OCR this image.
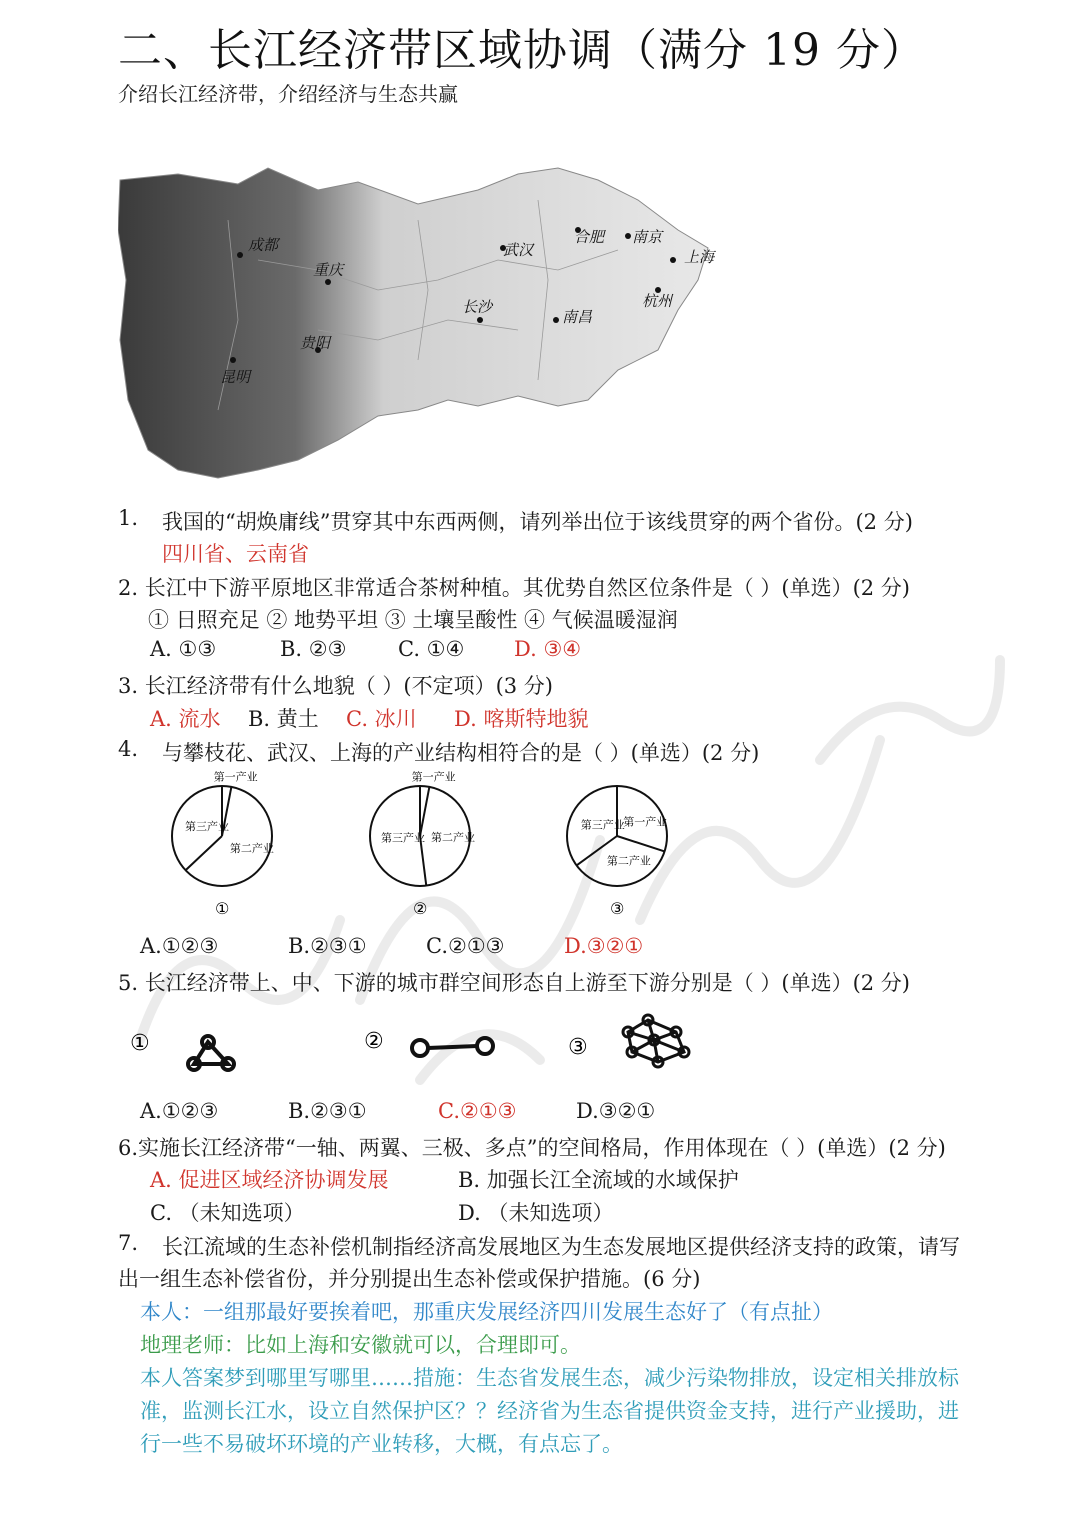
二、长江经济带区域协调（满分 19 分）
介绍长江经济带，介绍经济与生态共赢
成都
重庆
武汉
合肥 南京
上海
长沙
南昌
杭州
昆明
贵阳
1. 我国的“胡焕庸线”贯穿其中东西两侧，请列举出位于该线贯穿的两个省份。(2 分)
四川省、云南省
2. 长江中下游平原地区非常适合茶树种植。其优势自然区位条件是（ ）(单选）(2 分)
① 日照充足 ② 地势平坦 ③ 土壤呈酸性 ④ 气候温暖湿润
A. ①③	B. ②③ C. ①④ D. ③④
3. 长江经济带有什么地貌（ ）(不定项）(3 分)
A. 流水 B. 黄土 C. 冰川 D. 喀斯特地貌
4. 与攀枝花、武汉、上海的产业结构相符合的是（ ）(单选）(2 分)
第一产业
第二产业
第三产业
①
第一产业
第二产业
第三产业
②
第一产业
第二产业
第三产业
③
A.①②③	B.②③①	C.②①③	D.③②①
5. 长江经济带上、中、下游的城市群空间形态自上游至下游分别是（ ）(单选）(2 分)
①	②	③
A.①②③	B.②③①	C.②①③	D.③②①
6.实施长江经济带“一轴、两翼、三极、多点”的空间格局，作用体现在（ ）(单选）(2 分)
A. 促进区域经济协调发展	B. 加强长江全流域的水域保护
C. （未知选项）	D. （未知选项）
7. 长江流域的生态补偿机制指经济高发展地区为生态发展地区提供经济支持的政策，请写
出一组生态补偿省份，并分别提出生态补偿或保护措施。(6 分)
本人：一组那最好要挨着吧，那重庆发展经济四川发展生态好了（有点扯）
地理老师：比如上海和安徽就可以，合理即可。
本人答案梦到哪里写哪里……措施：生态省发展生态，减少污染物排放，设定相关排放标
准，监测长江水，设立自然保护区？？经济省为生态省提供资金支持，进行产业援助，进
行一些不易破坏环境的产业转移，大概，有点忘了。
